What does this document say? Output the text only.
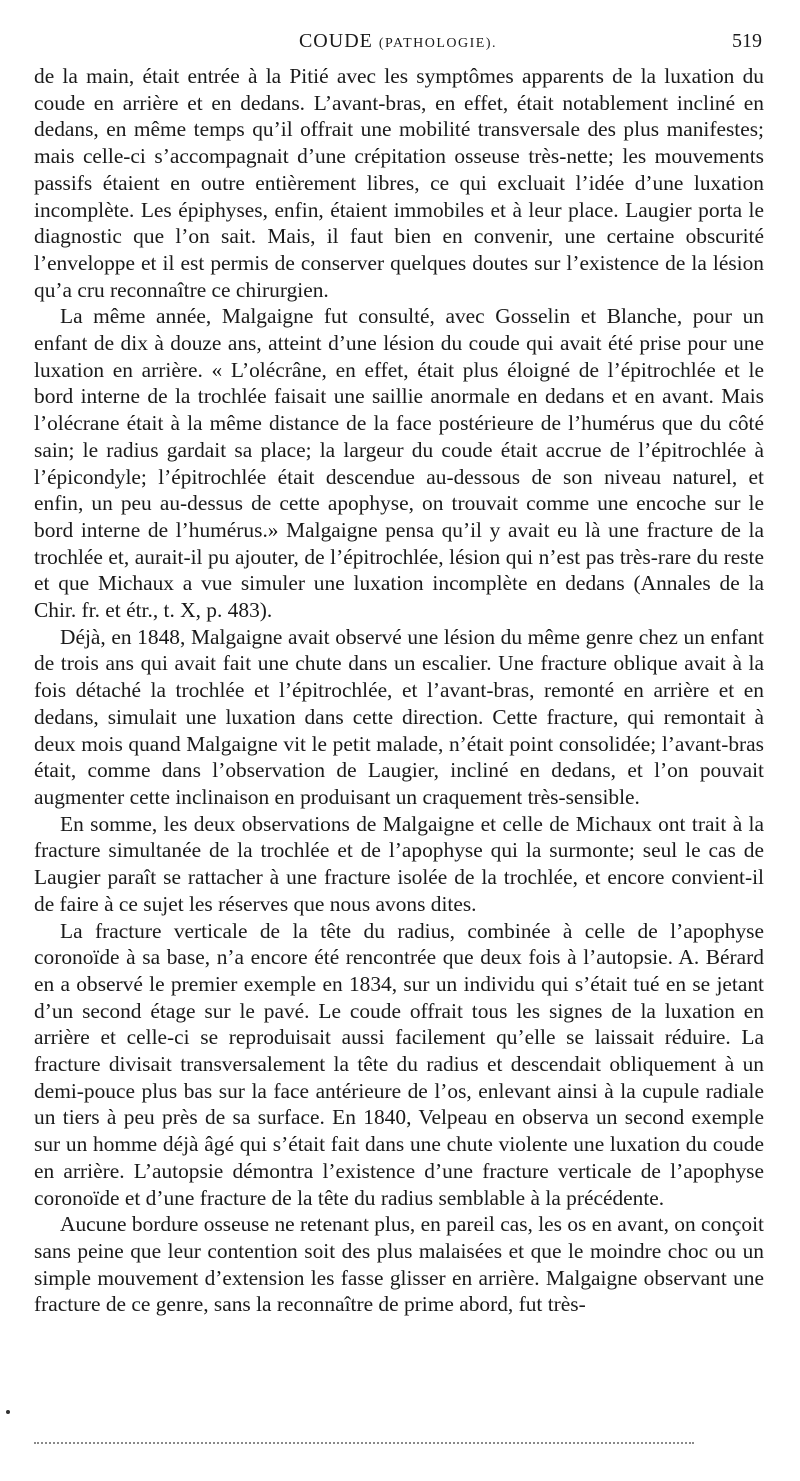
COUDE (PATHOLOGIE).	519

de la main, était entrée à la Pitié avec les symptômes apparents de la luxation du coude en arrière et en dedans. L’avant-bras, en effet, était notablement incliné en dedans, en même temps qu’il offrait une mobilité transversale des plus manifestes; mais celle-ci s’accompagnait d’une crépitation osseuse très-nette; les mouvements passifs étaient en outre entièrement libres, ce qui excluait l’idée d’une luxation incomplète. Les épiphyses, enfin, étaient immobiles et à leur place. Laugier porta le diagnostic que l’on sait. Mais, il faut bien en convenir, une certaine obscurité l’enveloppe et il est permis de conserver quelques doutes sur l’existence de la lésion qu’a cru reconnaître ce chirurgien.

La même année, Malgaigne fut consulté, avec Gosselin et Blanche, pour un enfant de dix à douze ans, atteint d’une lésion du coude qui avait été prise pour une luxation en arrière. « L’olécrâne, en effet, était plus éloigné de l’épitrochlée et le bord interne de la trochlée faisait une saillie anormale en dedans et en avant. Mais l’olécrane était à la même distance de la face postérieure de l’humérus que du côté sain; le radius gardait sa place; la largeur du coude était accrue de l’épitrochlée à l’épicondyle; l’épitrochlée était descendue au-dessous de son niveau naturel, et enfin, un peu au-dessus de cette apophyse, on trouvait comme une encoche sur le bord interne de l’humérus.» Malgaigne pensa qu’il y avait eu là une fracture de la trochlée et, aurait-il pu ajouter, de l’épitrochlée, lésion qui n’est pas très-rare du reste et que Michaux a vue simuler une luxation incomplète en dedans (Annales de la Chir. fr. et étr., t. X, p. 483).

Déjà, en 1848, Malgaigne avait observé une lésion du même genre chez un enfant de trois ans qui avait fait une chute dans un escalier. Une fracture oblique avait à la fois détaché la trochlée et l’épitrochlée, et l’avant-bras, remonté en arrière et en dedans, simulait une luxation dans cette direction. Cette fracture, qui remontait à deux mois quand Malgaigne vit le petit malade, n’était point consolidée; l’avant-bras était, comme dans l’observation de Laugier, incliné en dedans, et l’on pouvait augmenter cette inclinaison en produisant un craquement très-sensible.

En somme, les deux observations de Malgaigne et celle de Michaux ont trait à la fracture simultanée de la trochlée et de l’apophyse qui la surmonte; seul le cas de Laugier paraît se rattacher à une fracture isolée de la trochlée, et encore convient-il de faire à ce sujet les réserves que nous avons dites.

La fracture verticale de la tête du radius, combinée à celle de l’apophyse coronoïde à sa base, n’a encore été rencontrée que deux fois à l’autopsie. A. Bérard en a observé le premier exemple en 1834, sur un individu qui s’était tué en se jetant d’un second étage sur le pavé. Le coude offrait tous les signes de la luxation en arrière et celle-ci se reproduisait aussi facilement qu’elle se laissait réduire. La fracture divisait transversalement la tête du radius et descendait obliquement à un demi-pouce plus bas sur la face antérieure de l’os, enlevant ainsi à la cupule radiale un tiers à peu près de sa surface. En 1840, Velpeau en observa un second exemple sur un homme déjà âgé qui s’était fait dans une chute violente une luxation du coude en arrière. L’autopsie démontra l’existence d’une fracture verticale de l’apophyse coronoïde et d’une fracture de la tête du radius semblable à la précédente.

Aucune bordure osseuse ne retenant plus, en pareil cas, les os en avant, on conçoit sans peine que leur contention soit des plus malaisées et que le moindre choc ou un simple mouvement d’extension les fasse glisser en arrière. Malgaigne observant une fracture de ce genre, sans la reconnaître de prime abord, fut très-
